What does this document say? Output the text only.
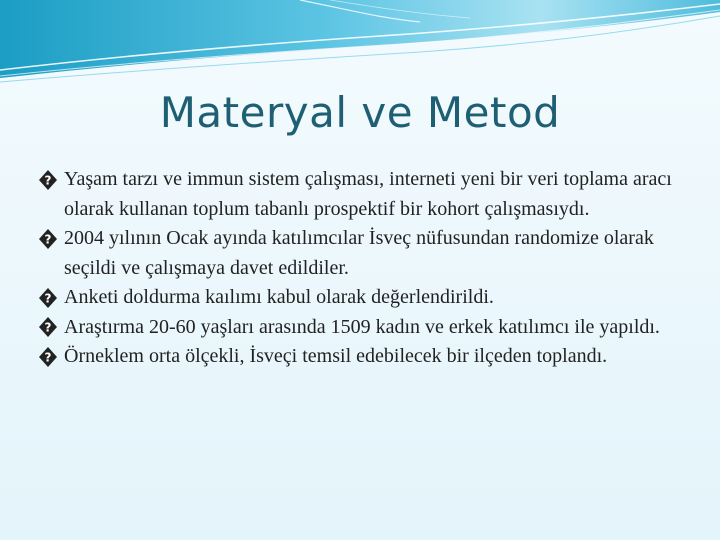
Materyal ve Metod
? Yaşam tarzı ve immun sistem çalışması, interneti yeni bir veri toplama aracı olarak kullanan toplum tabanlı prospektif bir kohort çalışmasıydı.
? 2004 yılının Ocak ayında katılımcılar İsveç nüfusundan randomize olarak seçildi ve çalışmaya davet edildiler.
? Anketi doldurma kaılımı kabul olarak değerlendirildi.
? Araştırma 20-60 yaşları arasında 1509 kadın ve erkek katılımcı ile yapıldı.
? Örneklem orta ölçekli, İsveçi temsil edebilecek bir ilçeden toplandı.
